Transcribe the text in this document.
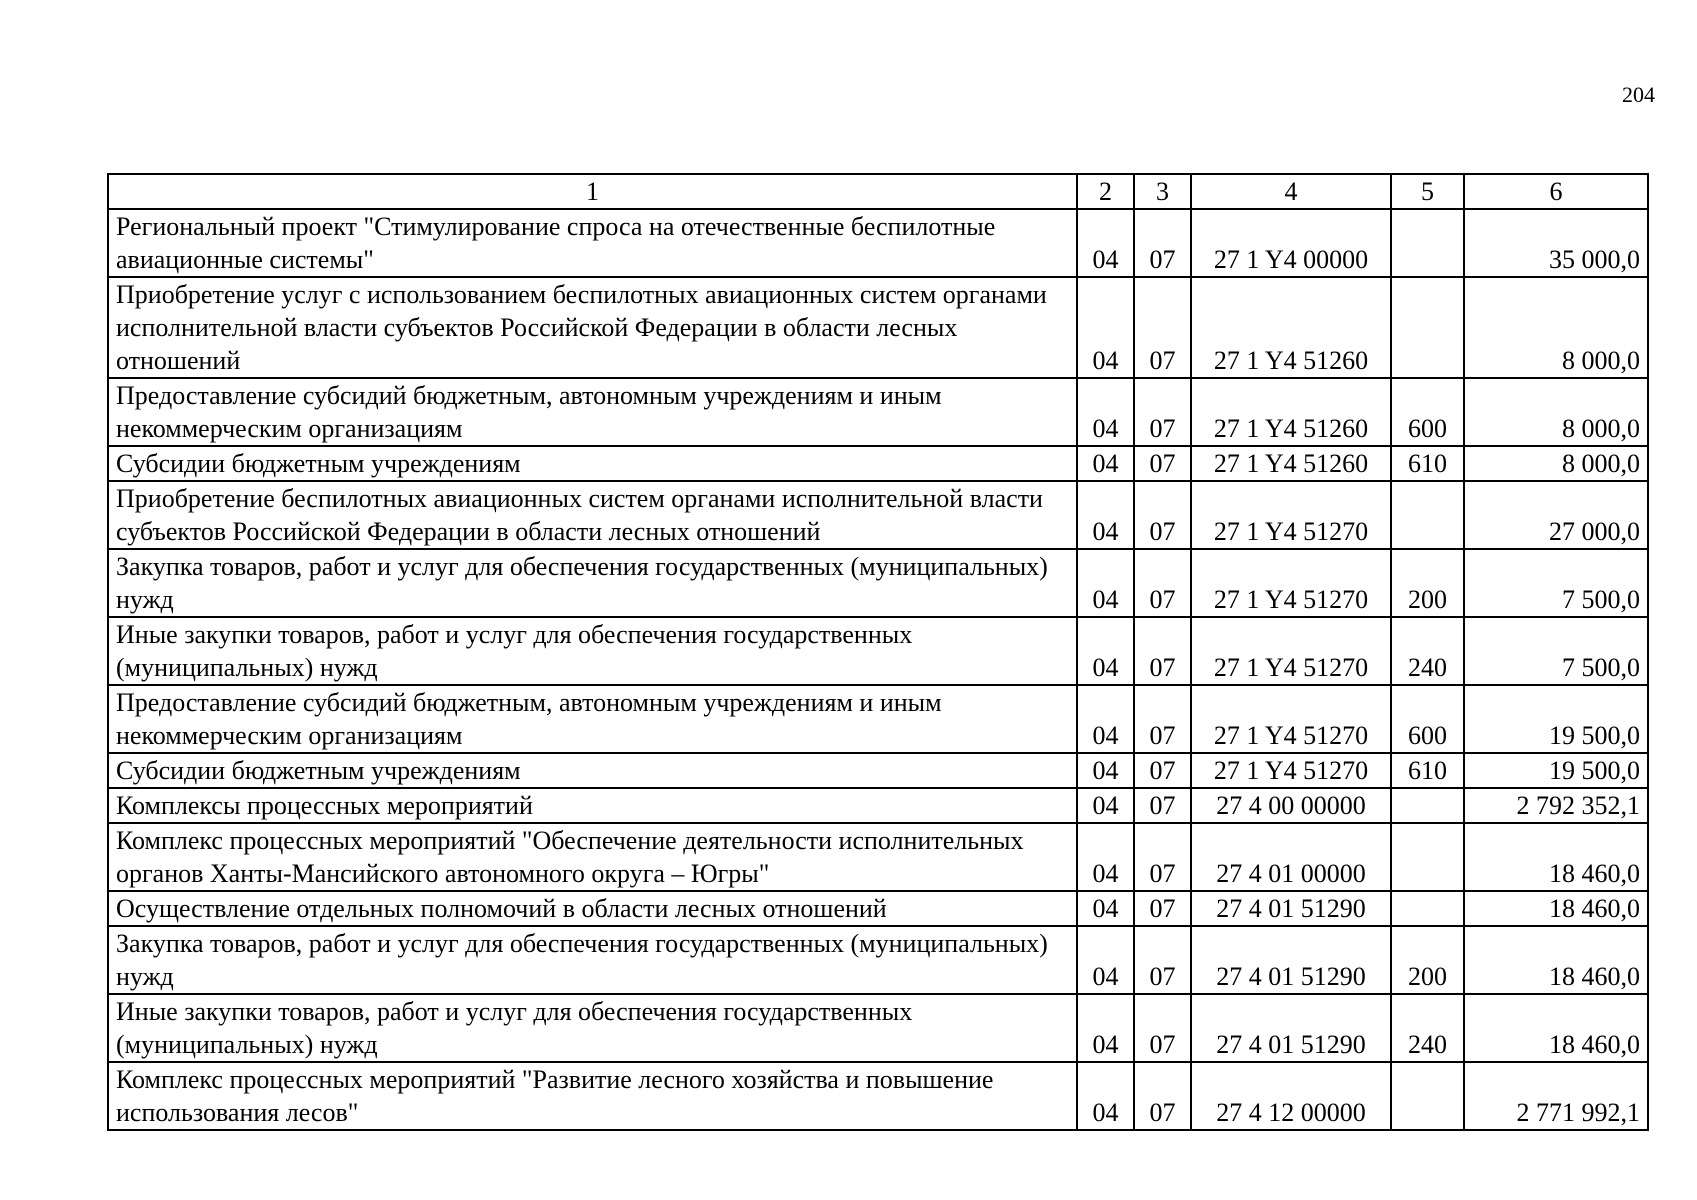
204
1	2	3	4	5	6
Региональный проект "Стимулирование спроса на отечественные беспилотные авиационные системы"	04	07	27 1 Y4 00000		35 000,0
Приобретение услуг с использованием беспилотных авиационных систем органами исполнительной власти субъектов Российской Федерации в области лесных отношений	04	07	27 1 Y4 51260		8 000,0
Предоставление субсидий бюджетным, автономным учреждениям и иным некоммерческим организациям	04	07	27 1 Y4 51260	600	8 000,0
Субсидии бюджетным учреждениям	04	07	27 1 Y4 51260	610	8 000,0
Приобретение беспилотных авиационных систем органами исполнительной власти субъектов Российской Федерации в области лесных отношений	04	07	27 1 Y4 51270		27 000,0
Закупка товаров, работ и услуг для обеспечения государственных (муниципальных) нужд	04	07	27 1 Y4 51270	200	7 500,0
Иные закупки товаров, работ и услуг для обеспечения государственных (муниципальных) нужд	04	07	27 1 Y4 51270	240	7 500,0
Предоставление субсидий бюджетным, автономным учреждениям и иным некоммерческим организациям	04	07	27 1 Y4 51270	600	19 500,0
Субсидии бюджетным учреждениям	04	07	27 1 Y4 51270	610	19 500,0
Комплексы процессных мероприятий	04	07	27 4 00 00000		2 792 352,1
Комплекс процессных мероприятий "Обеспечение деятельности исполнительных органов Ханты-Мансийского автономного округа – Югры"	04	07	27 4 01 00000		18 460,0
Осуществление отдельных полномочий в области лесных отношений	04	07	27 4 01 51290		18 460,0
Закупка товаров, работ и услуг для обеспечения государственных (муниципальных) нужд	04	07	27 4 01 51290	200	18 460,0
Иные закупки товаров, работ и услуг для обеспечения государственных (муниципальных) нужд	04	07	27 4 01 51290	240	18 460,0
Комплекс процессных мероприятий "Развитие лесного хозяйства и повышение использования лесов"	04	07	27 4 12 00000		2 771 992,1
